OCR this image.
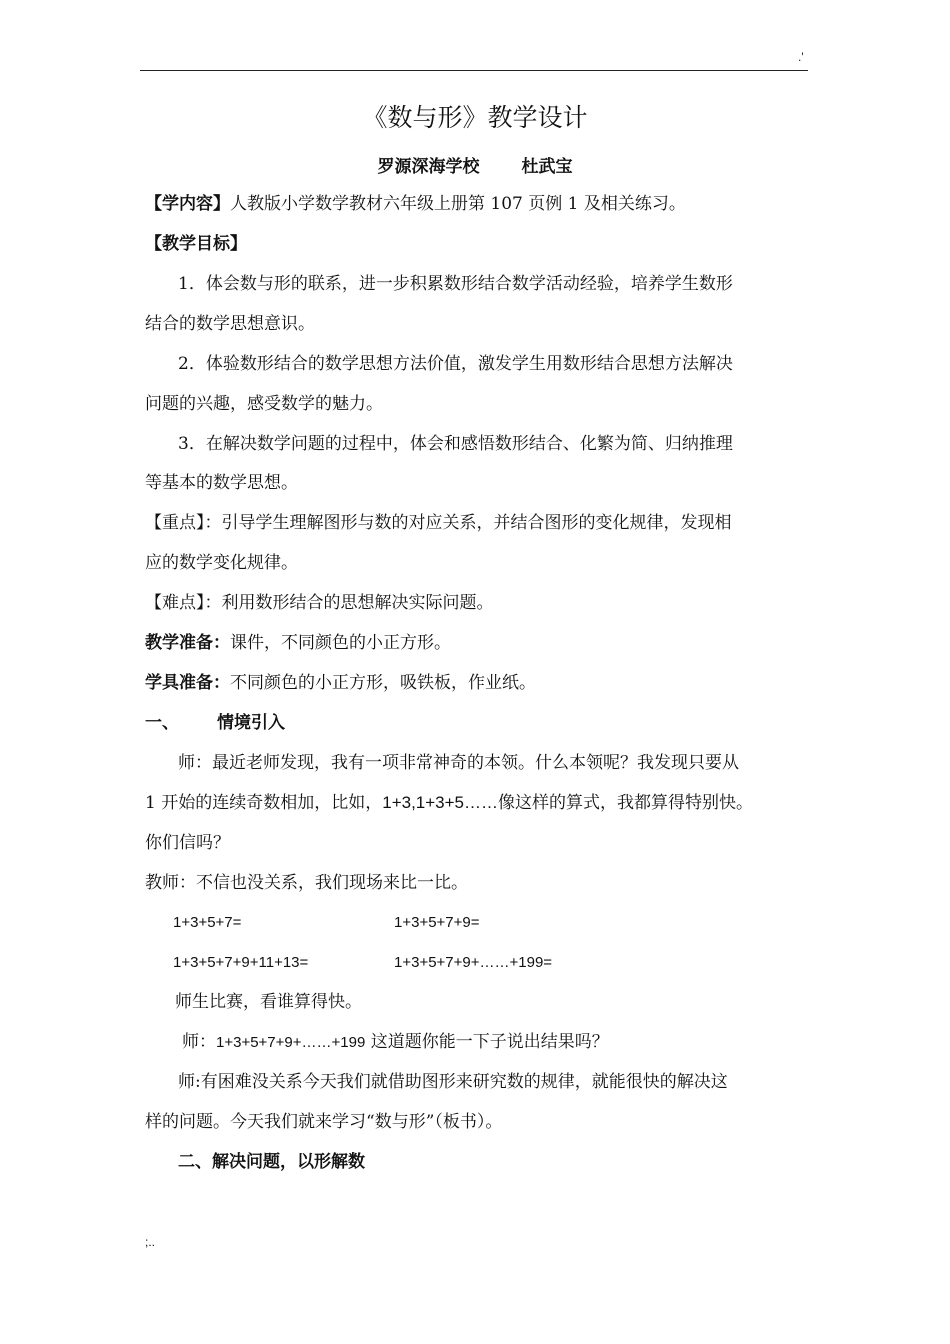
.'
《数与形》教学设计
罗源深海学校 杜武宝
【学内容】人教版小学数学教材六年级上册第 107 页例 1 及相关练习。
【教学目标】
1．体会数与形的联系，进一步积累数形结合数学活动经验，培养学生数形
结合的数学思想意识。
2．体验数形结合的数学思想方法价值，激发学生用数形结合思想方法解决
问题的兴趣，感受数学的魅力。
3．在解决数学问题的过程中，体会和感悟数形结合、化繁为简、归纳推理
等基本的数学思想。
【重点】：引导学生理解图形与数的对应关系，并结合图形的变化规律，发现相
应的数学变化规律。
【难点】：利用数形结合的思想解决实际问题。
教学准备：课件，不同颜色的小正方形。
学具准备：不同颜色的小正方形，吸铁板，作业纸。
一、 情境引入
师：最近老师发现，我有一项非常神奇的本领。什么本领呢？我发现只要从
1 开始的连续奇数相加，比如，1+3,1+3+5……像这样的算式，我都算得特别快。
你们信吗？
教师：不信也没关系，我们现场来比一比。
1+3+5+7=	1+3+5+7+9=
1+3+5+7+9+11+13=	1+3+5+7+9+……+199=
师生比赛，看谁算得快。
师：1+3+5+7+9+……+199 这道题你能一下子说出结果吗？
师:有困难没关系今天我们就借助图形来研究数的规律，就能很快的解决这
样的问题。今天我们就来学习“数与形”（板书）。
二、解决问题，以形解数
;..
